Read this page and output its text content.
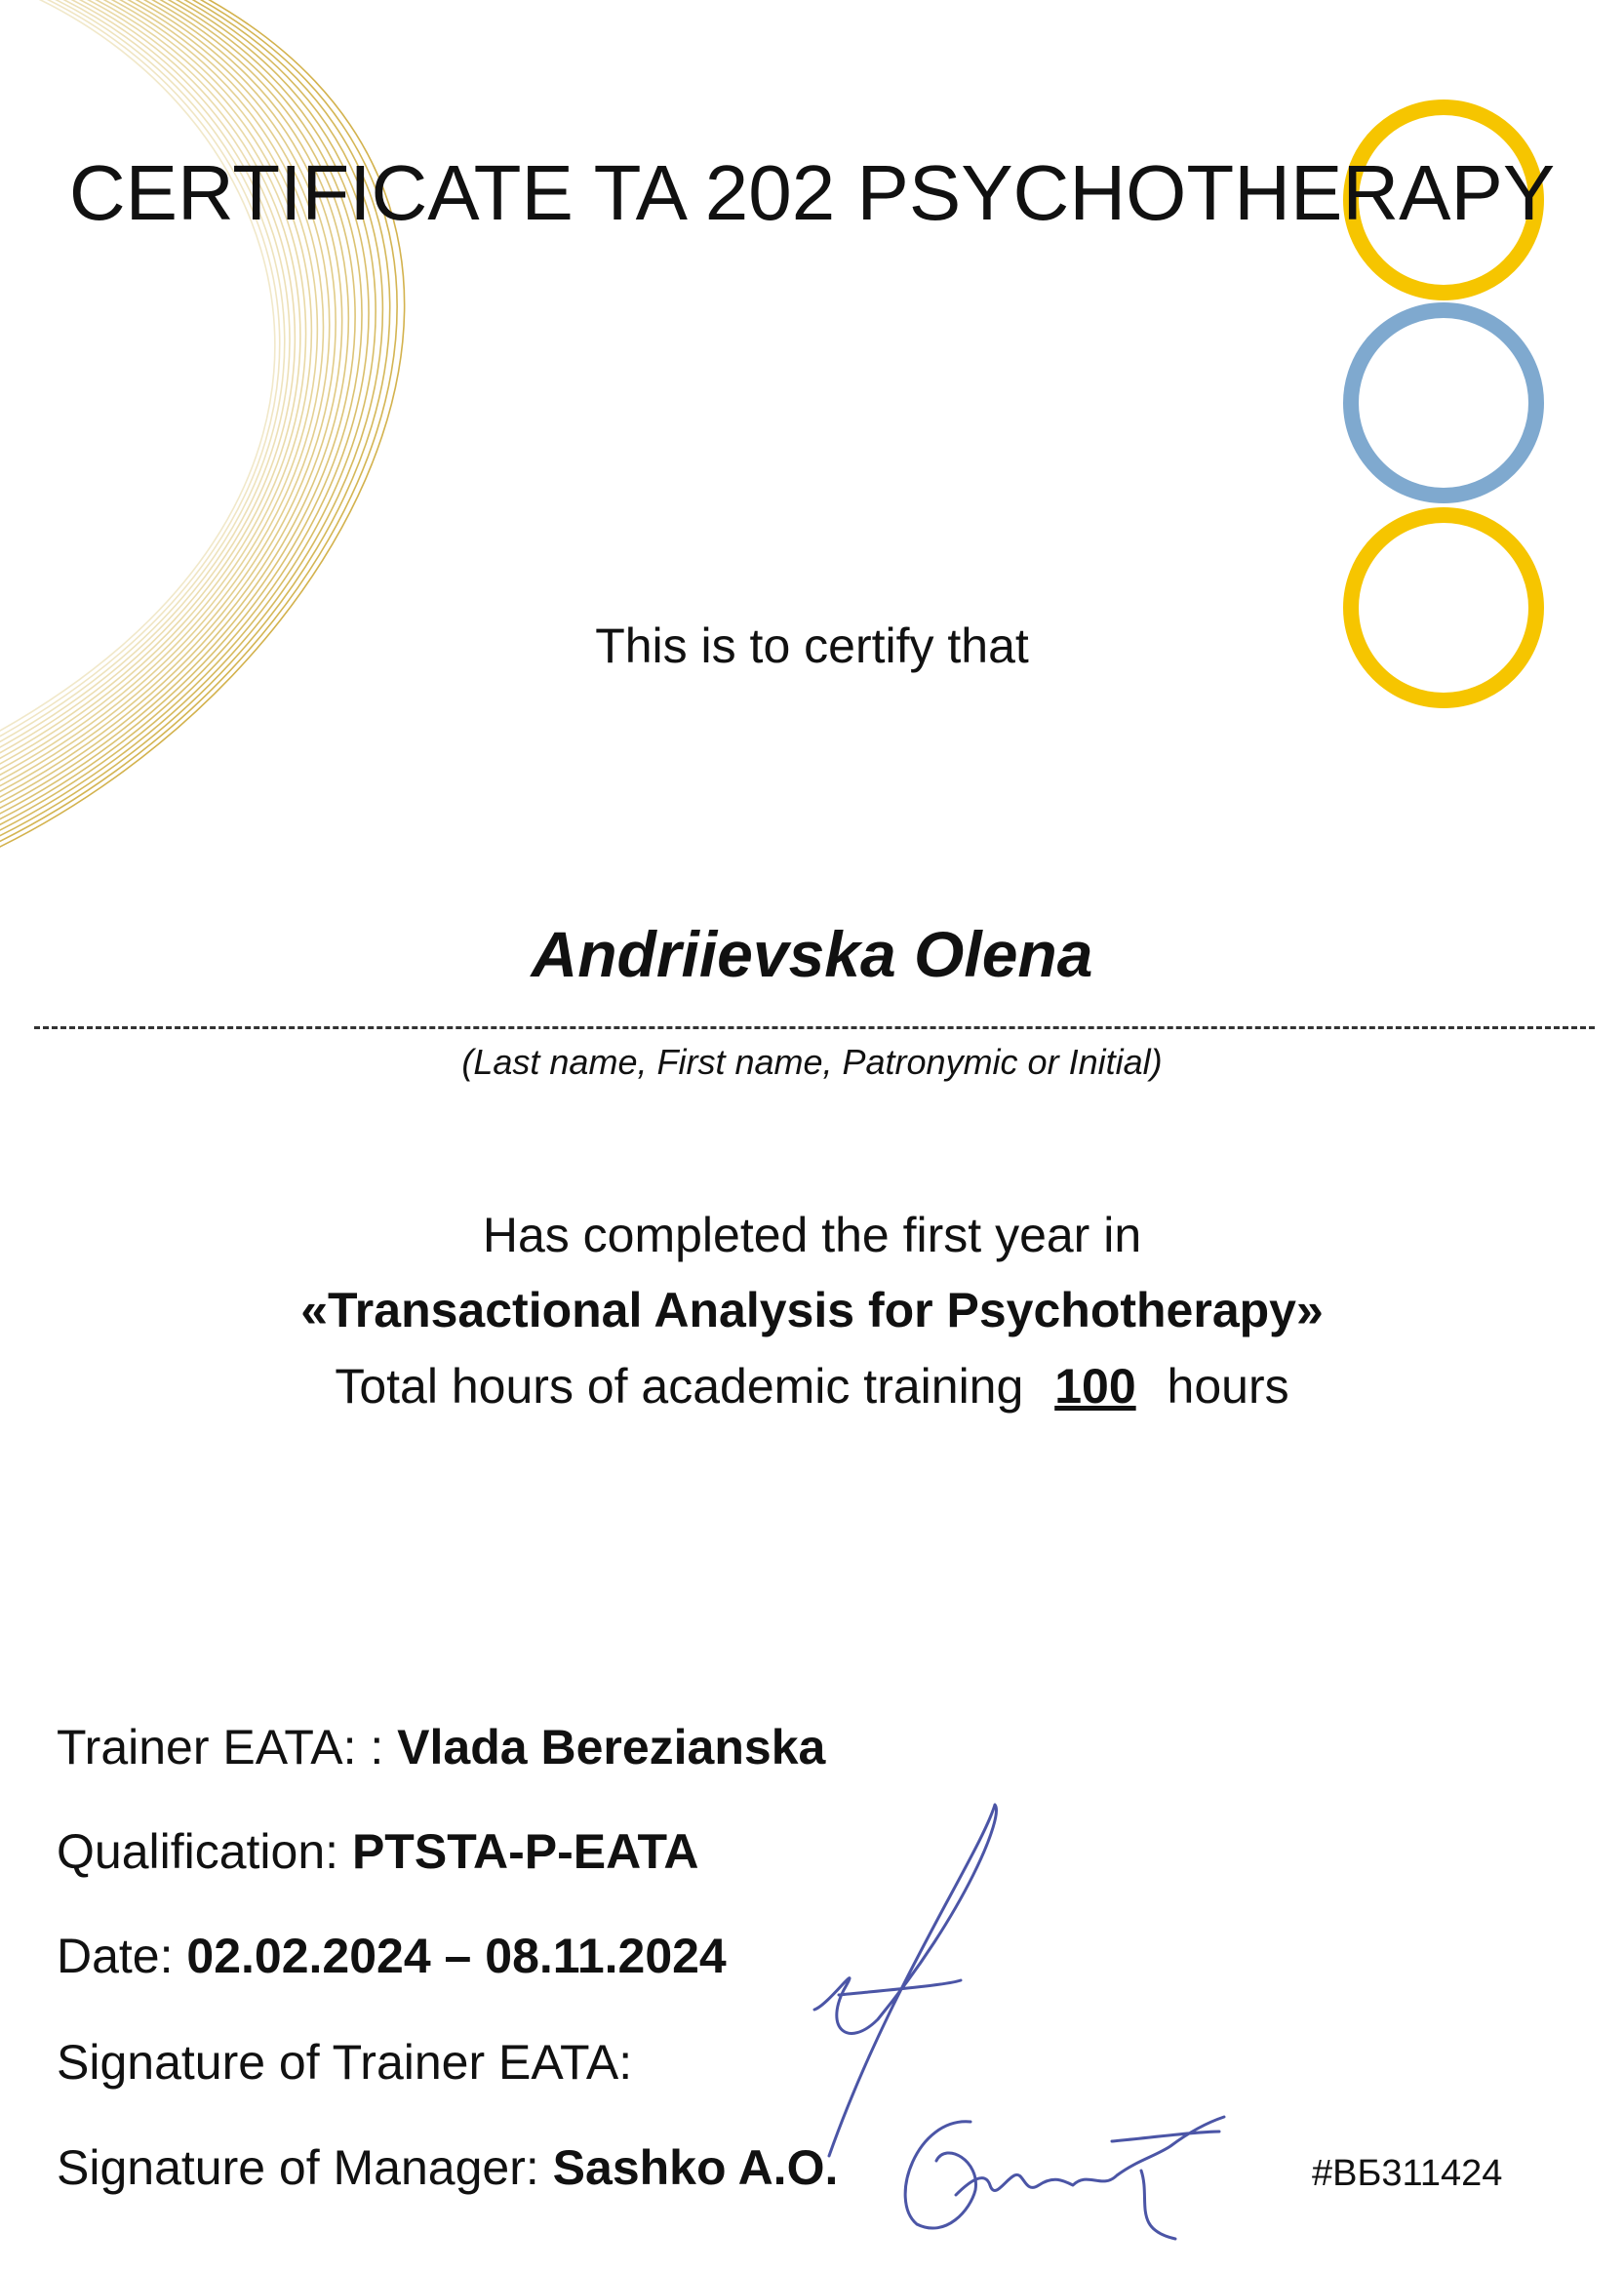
CERTIFICATE TA 202 PSYCHOTHERAPY
This is to certify that
Andriievska Olena
(Last name, First name, Patronymic or Initial)
Has completed the first year in
«Transactional Analysis for Psychotherapy»
Total hours of academic training 100 hours
Trainer EATA: : Vlada Berezianska
Qualification: PTSTA-P-EATA
Date: 02.02.2024 – 08.11.2024
Signature of Trainer EATA:
Signature of Manager: Sashko A.O.	#ВБ311424
